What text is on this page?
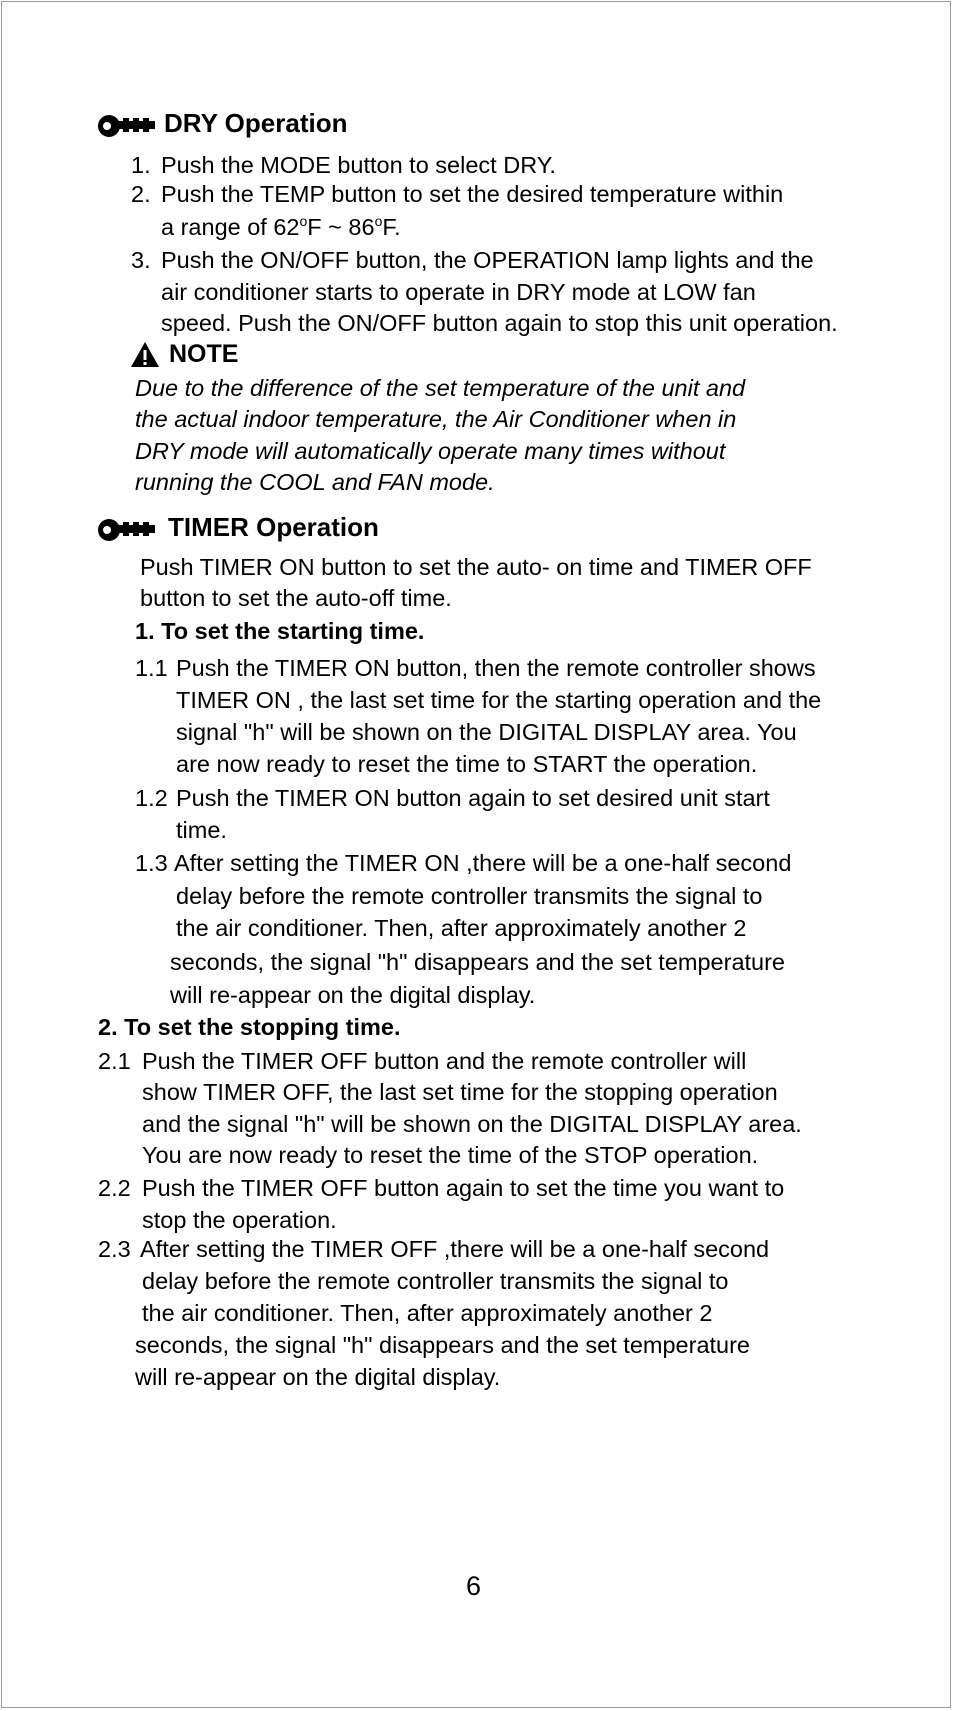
DRY Operation
1. Push the MODE button to select DRY.
2. Push the TEMP button to set the desired temperature within
a range of 62$^o$F ~ 86$^o$F.
3. Push the ON/OFF button, the OPERATION lamp lights and the
air conditioner starts to operate in DRY mode at LOW fan
speed. Push the ON/OFF button again to stop this unit operation.
NOTE
Due to the difference of the set temperature of the unit and
the actual indoor temperature, the Air Conditioner when in
DRY mode will automatically operate many times without
running the COOL and FAN mode.
TIMER Operation
Push TIMER ON button to set the auto- on time and TIMER OFF
button to set the auto-off time.
1. To set the starting time.
1.1 Push the TIMER ON button, then the remote controller shows
TIMER ON , the last set time for the starting operation and the
signal "h" will be shown on the DIGITAL DISPLAY area. You
are now ready to reset the time to START the operation.
1.2 Push the TIMER ON button again to set desired unit start
time.
1.3 After setting the TIMER ON ,there will be a one-half second
delay before the remote controller transmits the signal to
the air conditioner. Then, after approximately another 2
seconds, the signal "h" disappears and the set temperature
will re-appear on the digital display.
2. To set the stopping time.
2.1 Push the TIMER OFF button and the remote controller will
show TIMER OFF, the last set time for the stopping operation
and the signal "h" will be shown on the DIGITAL DISPLAY area.
You are now ready to reset the time of the STOP operation.
2.2 Push the TIMER OFF button again to set the time you want to
stop the operation.
2.3 After setting the TIMER OFF ,there will be a one-half second
delay before the remote controller transmits the signal to
the air conditioner. Then, after approximately another 2
seconds, the signal "h" disappears and the set temperature
will re-appear on the digital display.
6
